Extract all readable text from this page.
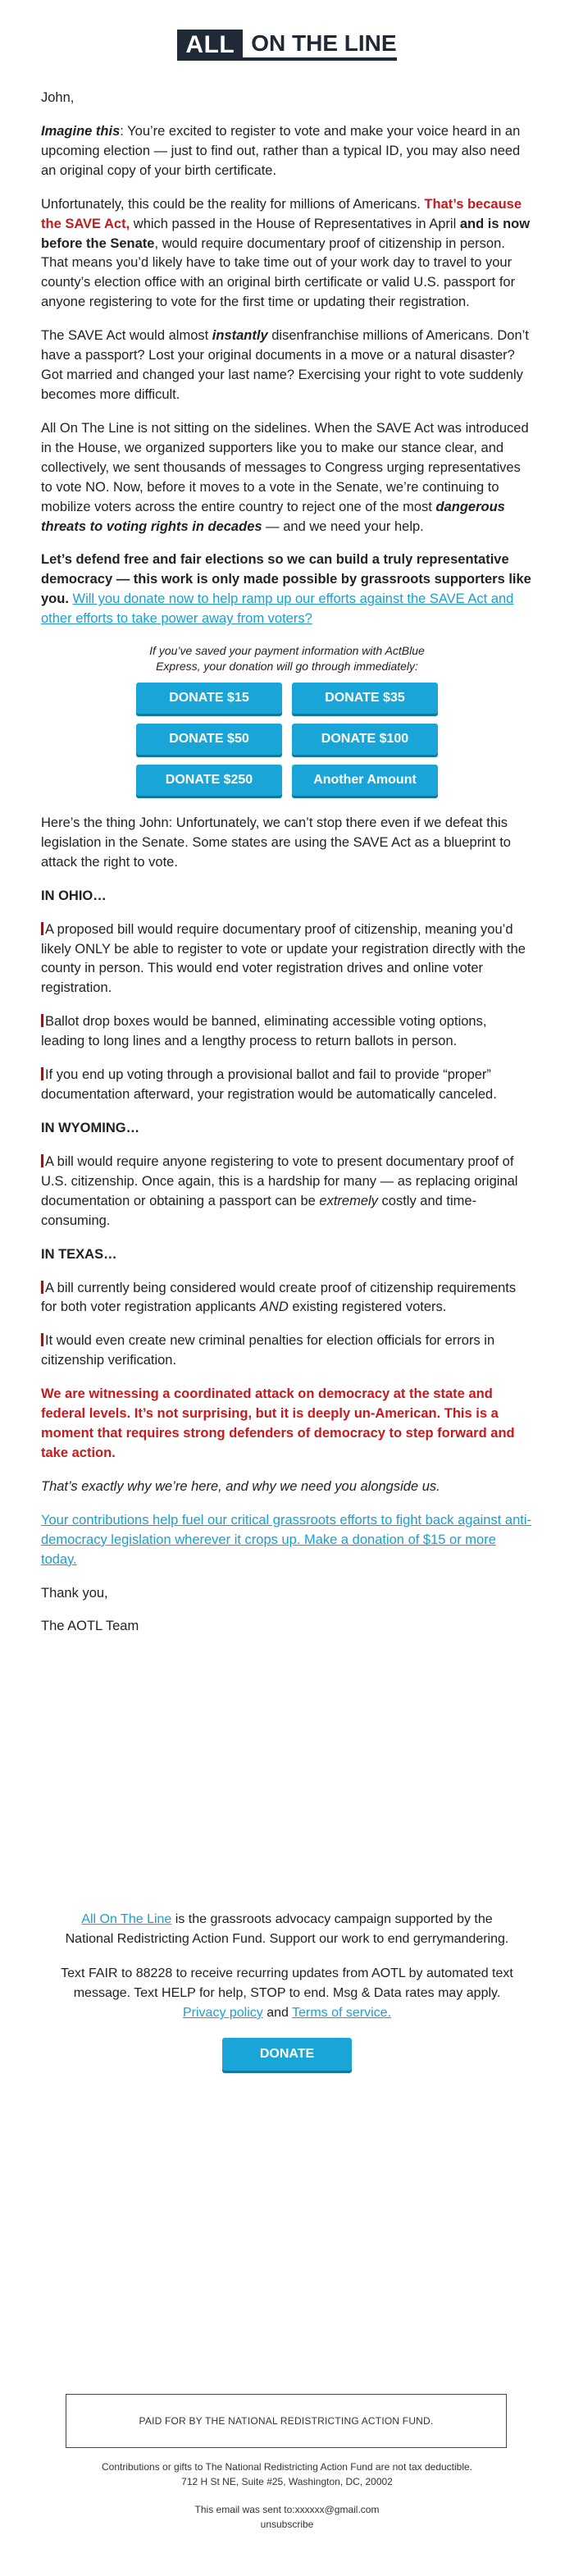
ALL ON THE LINE

John,

Imagine this: You’re excited to register to vote and make your voice heard in an upcoming election — just to find out, rather than a typical ID, you may also need an original copy of your birth certificate.

Unfortunately, this could be the reality for millions of Americans. That’s because the SAVE Act, which passed in the House of Representatives in April and is now before the Senate, would require documentary proof of citizenship in person. That means you’d likely have to take time out of your work day to travel to your county’s election office with an original birth certificate or valid U.S. passport for anyone registering to vote for the first time or updating their registration.

The SAVE Act would almost instantly disenfranchise millions of Americans. Don’t have a passport? Lost your original documents in a move or a natural disaster? Got married and changed your last name? Exercising your right to vote suddenly becomes more difficult.

All On The Line is not sitting on the sidelines. When the SAVE Act was introduced in the House, we organized supporters like you to make our stance clear, and collectively, we sent thousands of messages to Congress urging representatives to vote NO. Now, before it moves to a vote in the Senate, we’re continuing to mobilize voters across the entire country to reject one of the most dangerous threats to voting rights in decades — and we need your help.

Let’s defend free and fair elections so we can build a truly representative democracy — this work is only made possible by grassroots supporters like you. Will you donate now to help ramp up our efforts against the SAVE Act and other efforts to take power away from voters?

If you’ve saved your payment information with ActBlue Express, your donation will go through immediately:
DONATE $15	DONATE $35
DONATE $50	DONATE $100
DONATE $250	Another Amount

Here’s the thing John: Unfortunately, we can’t stop there even if we defeat this legislation in the Senate. Some states are using the SAVE Act as a blueprint to attack the right to vote.

IN OHIO…

A proposed bill would require documentary proof of citizenship, meaning you’d likely ONLY be able to register to vote or update your registration directly with the county in person. This would end voter registration drives and online voter registration.

Ballot drop boxes would be banned, eliminating accessible voting options, leading to long lines and a lengthy process to return ballots in person.

If you end up voting through a provisional ballot and fail to provide “proper” documentation afterward, your registration would be automatically canceled.

IN WYOMING…

A bill would require anyone registering to vote to present documentary proof of U.S. citizenship. Once again, this is a hardship for many — as replacing original documentation or obtaining a passport can be extremely costly and time-consuming.

IN TEXAS…

A bill currently being considered would create proof of citizenship requirements for both voter registration applicants AND existing registered voters.

It would even create new criminal penalties for election officials for errors in citizenship verification.

We are witnessing a coordinated attack on democracy at the state and federal levels. It’s not surprising, but it is deeply un-American. This is a moment that requires strong defenders of democracy to step forward and take action.

That’s exactly why we’re here, and why we need you alongside us.

Your contributions help fuel our critical grassroots efforts to fight back against anti-democracy legislation wherever it crops up. Make a donation of $15 or more today.

Thank you,

The AOTL Team

All On The Line is the grassroots advocacy campaign supported by the National Redistricting Action Fund. Support our work to end gerrymandering.

Text FAIR to 88228 to receive recurring updates from AOTL by automated text message. Text HELP for help, STOP to end. Msg & Data rates may apply. Privacy policy and Terms of service.

DONATE
PAID FOR BY THE NATIONAL REDISTRICTING ACTION FUND.
Contributions or gifts to The National Redistricting Action Fund are not tax deductible.
712 H St NE, Suite #25, Washington, DC, 20002
This email was sent to:xxxxxx@gmail.com
unsubscribe
